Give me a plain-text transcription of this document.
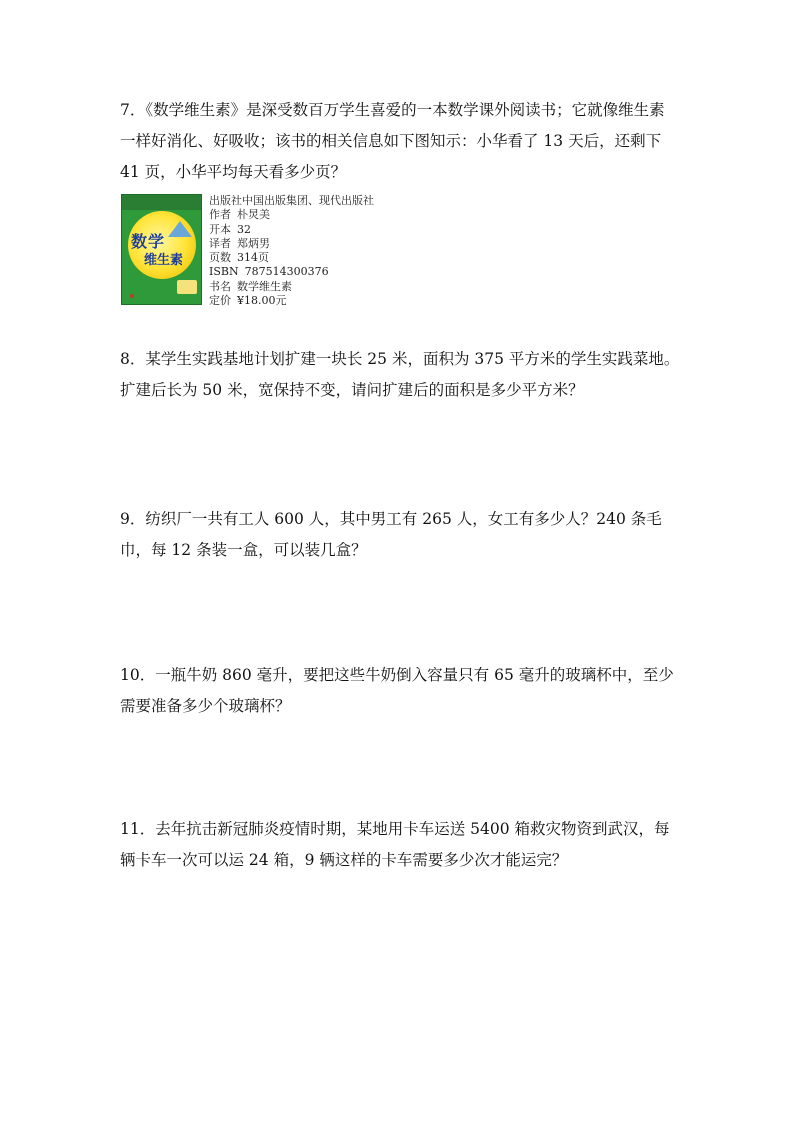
7．《数学维生素》是深受数百万学生喜爱的一本数学课外阅读书；它就像维生素一样好消化、好吸收；该书的相关信息如下图知示：小华看了 13 天后，还剩下 41 页，小华平均每天看多少页？

数学
维生素
出版社中国出版集团、现代出版社
作者 朴炅美
开本 32
译者 郑炳男
页数 314页
ISBN 787514300376
书名 数学维生素
定价 ¥18.00元

8．某学生实践基地计划扩建一块长 25 米，面积为 375 平方米的学生实践菜地。扩建后长为 50 米，宽保持不变，请问扩建后的面积是多少平方米？

9．纺织厂一共有工人 600 人，其中男工有 265 人，女工有多少人？240 条毛巾，每 12 条装一盒，可以装几盒？

10．一瓶牛奶 860 毫升，要把这些牛奶倒入容量只有 65 毫升的玻璃杯中，至少需要准备多少个玻璃杯？

11．去年抗击新冠肺炎疫情时期，某地用卡车运送 5400 箱救灾物资到武汉，每辆卡车一次可以运 24 箱，9 辆这样的卡车需要多少次才能运完？
